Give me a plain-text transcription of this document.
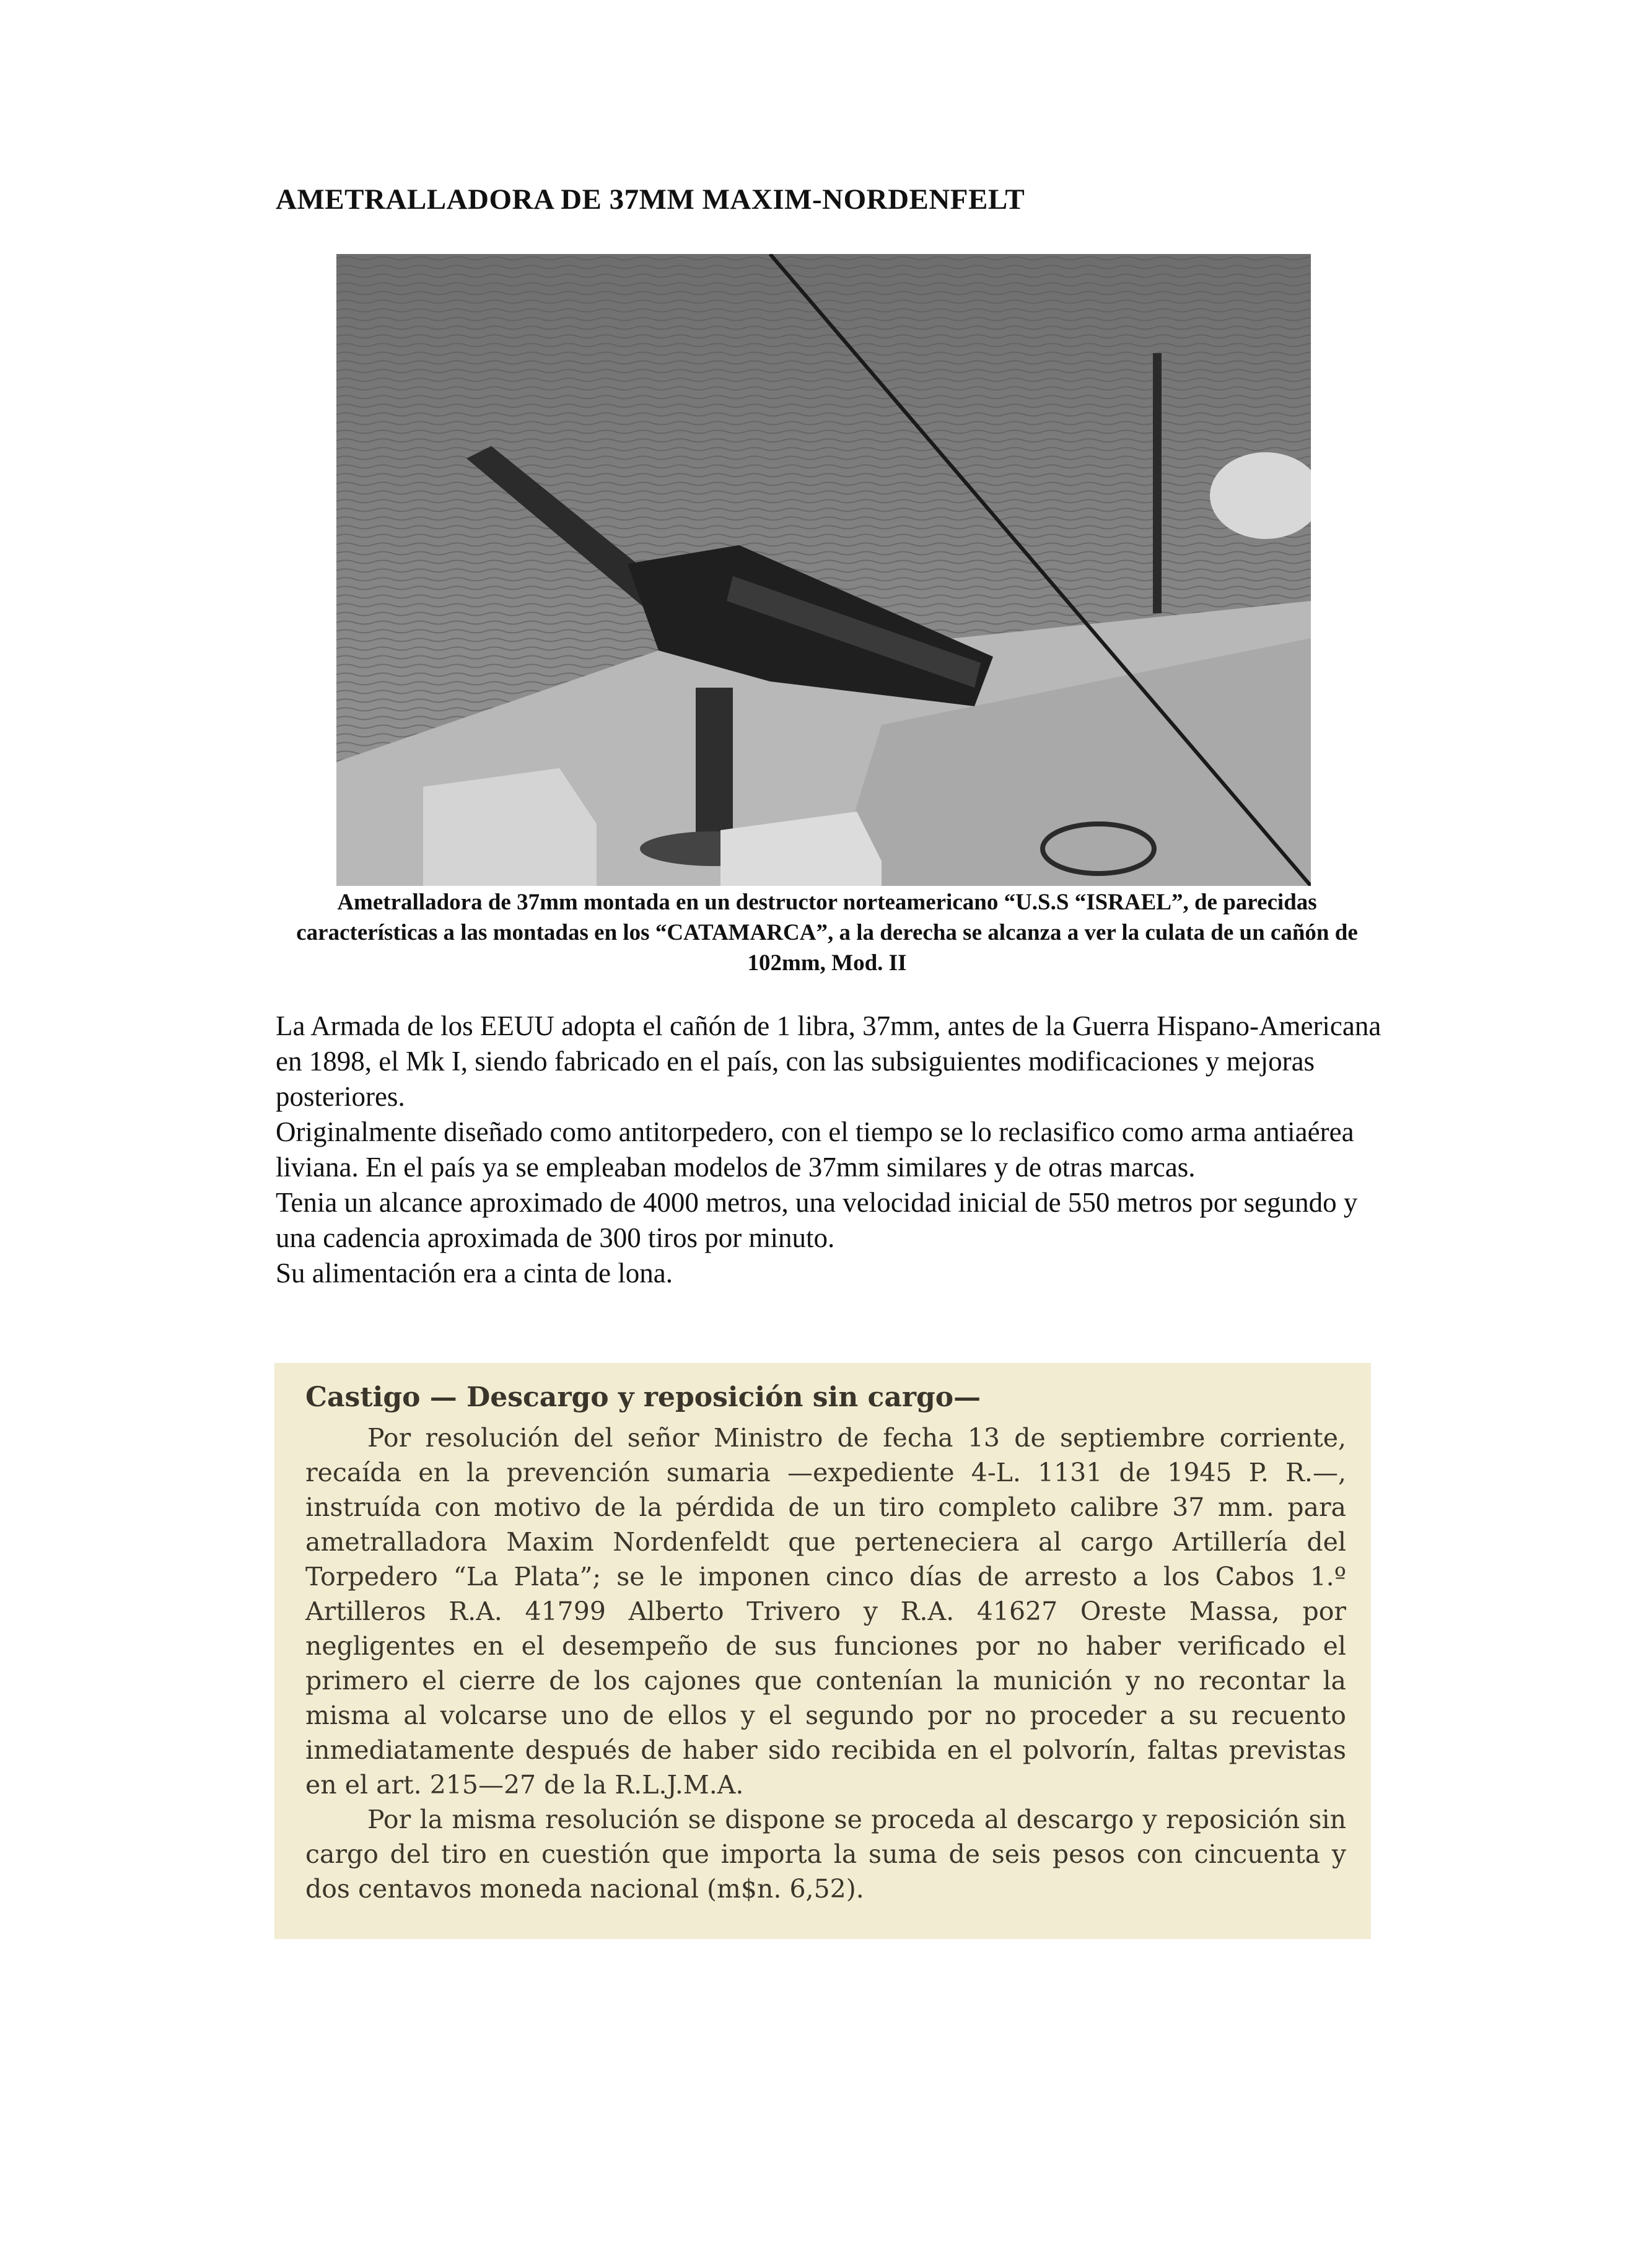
AMETRALLADORA DE 37MM MAXIM-NORDENFELT
Ametralladora de 37mm montada en un destructor norteamericano “U.S.S “ISRAEL”, de parecidas características a las montadas en los “CATAMARCA”, a la derecha se alcanza a ver la culata de un cañón de 102mm, Mod. II

La Armada de los EEUU adopta el cañón de 1 libra, 37mm, antes de la Guerra Hispano-Americana en 1898, el Mk I, siendo fabricado en el país, con las subsiguientes modificaciones y mejoras posteriores.

Originalmente diseñado como antitorpedero, con el tiempo se lo reclasifico como arma antiaérea liviana. En el país ya se empleaban modelos de 37mm similares y de otras marcas.

Tenia un alcance aproximado de 4000 metros, una velocidad inicial de 550 metros por segundo y una cadencia aproximada de 300 tiros por minuto.

Su alimentación era a cinta de lona.

Castigo — Descargo y reposición sin cargo—

Por resolución del señor Ministro de fecha 13 de septiembre corriente, recaída en la prevención sumaria —expediente 4-L. 1131 de 1945 P. R.—, instruída con motivo de la pérdida de un tiro completo calibre 37 mm. para ametralladora Maxim Nordenfeldt que perteneciera al cargo Artillería del Torpedero “La Plata”; se le imponen cinco días de arresto a los Cabos 1.º Artilleros R.A. 41799 Alberto Trivero y R.A. 41627 Oreste Massa, por negligentes en el desempeño de sus funciones por no haber verificado el primero el cierre de los cajones que contenían la munición y no recontar la misma al volcarse uno de ellos y el segundo por no proceder a su recuento inmediatamente después de haber sido recibida en el polvorín, faltas previstas en el art. 215—27 de la R.L.J.M.A.

Por la misma resolución se dispone se proceda al descargo y reposición sin cargo del tiro en cuestión que importa la suma de seis pesos con cincuenta y dos centavos moneda nacional (m$n. 6,52).
